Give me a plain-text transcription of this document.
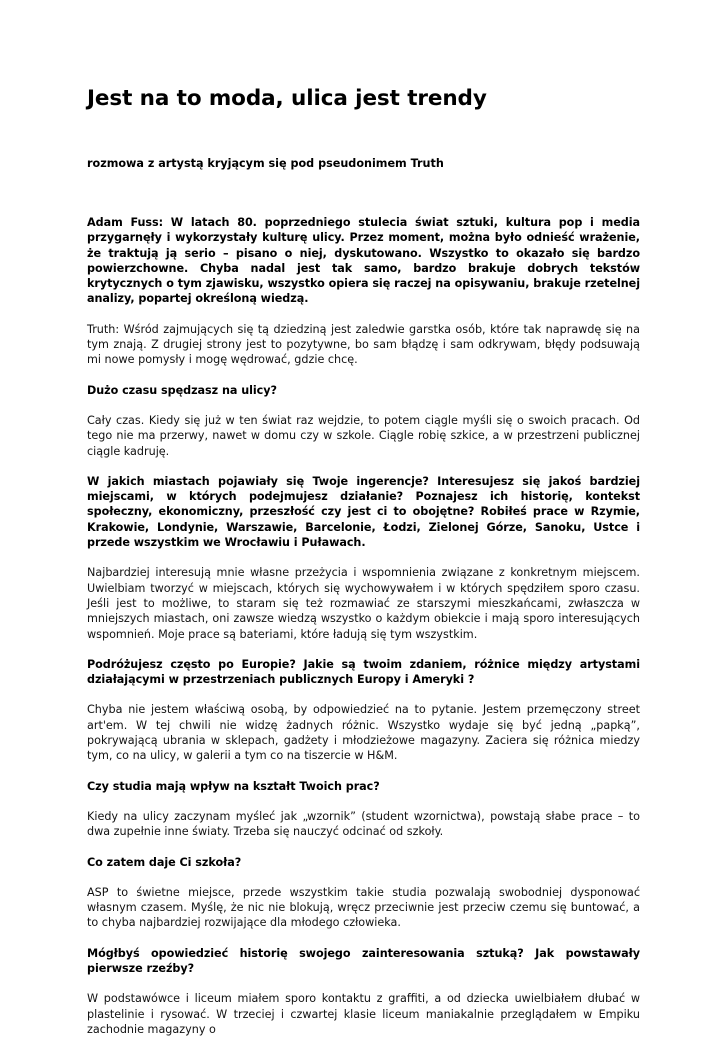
Jest na to moda, ulica jest trendy

rozmowa z artystą kryjącym się pod pseudonimem Truth

Adam Fuss: W latach 80. poprzedniego stulecia świat sztuki, kultura pop i media przygarnęły i wykorzystały kulturę ulicy. Przez moment, można było odnieść wrażenie, że traktują ją serio – pisano o niej, dyskutowano. Wszystko to okazało się bardzo powierzchowne. Chyba nadal jest tak samo, bardzo brakuje dobrych tekstów krytycznych o tym zjawisku, wszystko opiera się raczej na opisywaniu, brakuje rzetelnej analizy, popartej określoną wiedzą.

Truth: Wśród zajmujących się tą dziedziną jest zaledwie garstka osób, które tak naprawdę się na tym znają. Z drugiej strony jest to pozytywne, bo sam błądzę i sam odkrywam, błędy podsuwają mi nowe pomysły i mogę wędrować, gdzie chcę.

Dużo czasu spędzasz na ulicy?

Cały czas. Kiedy się już w ten świat raz wejdzie, to potem ciągle myśli się o swoich pracach. Od tego nie ma przerwy, nawet w domu czy w szkole. Ciągle robię szkice, a w przestrzeni publicznej ciągle kadruję.

W jakich miastach pojawiały się Twoje ingerencje? Interesujesz się jakoś bardziej miejscami, w których podejmujesz działanie? Poznajesz ich historię, kontekst społeczny, ekonomiczny, przeszłość czy jest ci to obojętne? Robiłeś prace w Rzymie, Krakowie, Londynie, Warszawie, Barcelonie, Łodzi, Zielonej Górze, Sanoku, Ustce i przede wszystkim we Wrocławiu i Puławach.

Najbardziej interesują mnie własne przeżycia i wspomnienia związane z konkretnym miejscem. Uwielbiam tworzyć w miejscach, których się wychowywałem i w których spędziłem sporo czasu. Jeśli jest to możliwe, to staram się też rozmawiać ze starszymi mieszkańcami, zwłaszcza w mniejszych miastach, oni zawsze wiedzą wszystko o każdym obiekcie i mają sporo interesujących wspomnień. Moje prace są bateriami, które ładują się tym wszystkim.

Podróżujesz często po Europie? Jakie są twoim zdaniem, różnice między artystami działającymi w przestrzeniach publicznych Europy i Ameryki ?

Chyba nie jestem właściwą osobą, by odpowiedzieć na to pytanie. Jestem przemęczony street art'em. W tej chwili nie widzę żadnych różnic. Wszystko wydaje się być jedną „papką”, pokrywającą ubrania w sklepach, gadżety i młodzieżowe magazyny. Zaciera się różnica miedzy tym, co na ulicy, w galerii a tym co na tiszercie w H&M.

Czy studia mają wpływ na kształt Twoich prac?

Kiedy na ulicy zaczynam myśleć jak „wzornik” (student wzornictwa), powstają słabe prace – to dwa zupełnie inne światy. Trzeba się nauczyć odcinać od szkoły.

Co zatem daje Ci szkoła?

ASP to świetne miejsce, przede wszystkim takie studia pozwalają swobodniej dysponować własnym czasem. Myślę, że nic nie blokują, wręcz przeciwnie jest przeciw czemu się buntować, a to chyba najbardziej rozwijające dla młodego człowieka.

Mógłbyś opowiedzieć historię swojego zainteresowania sztuką? Jak powstawały pierwsze rzeźby?

W podstawówce i liceum miałem sporo kontaktu z graffiti, a od dziecka uwielbiałem dłubać w plastelinie i rysować. W trzeciej i czwartej klasie liceum maniakalnie przeglądałem w Empiku zachodnie magazyny o
